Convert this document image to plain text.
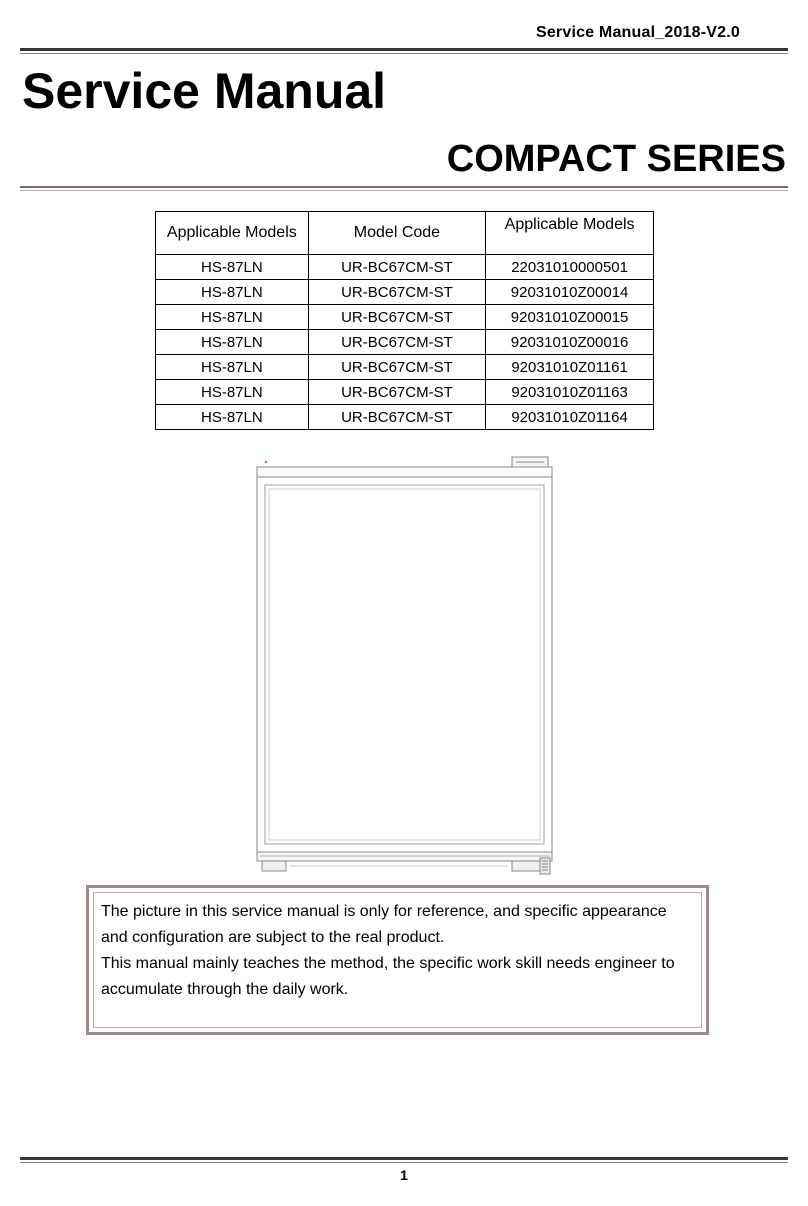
Service Manual_2018-V2.0
Service Manual
COMPACT SERIES
Applicable Models	Model Code	Applicable Models
HS-87LN	UR-BC67CM-ST	22031010000501
HS-87LN	UR-BC67CM-ST	92031010Z00014
HS-87LN	UR-BC67CM-ST	92031010Z00015
HS-87LN	UR-BC67CM-ST	92031010Z00016
HS-87LN	UR-BC67CM-ST	92031010Z01161
HS-87LN	UR-BC67CM-ST	92031010Z01163
HS-87LN	UR-BC67CM-ST	92031010Z01164

The picture in this service manual is only for reference, and specific appearance and configuration are subject to the real product.

This manual mainly teaches the method, the specific work skill needs engineer to accumulate through the daily work.

1
